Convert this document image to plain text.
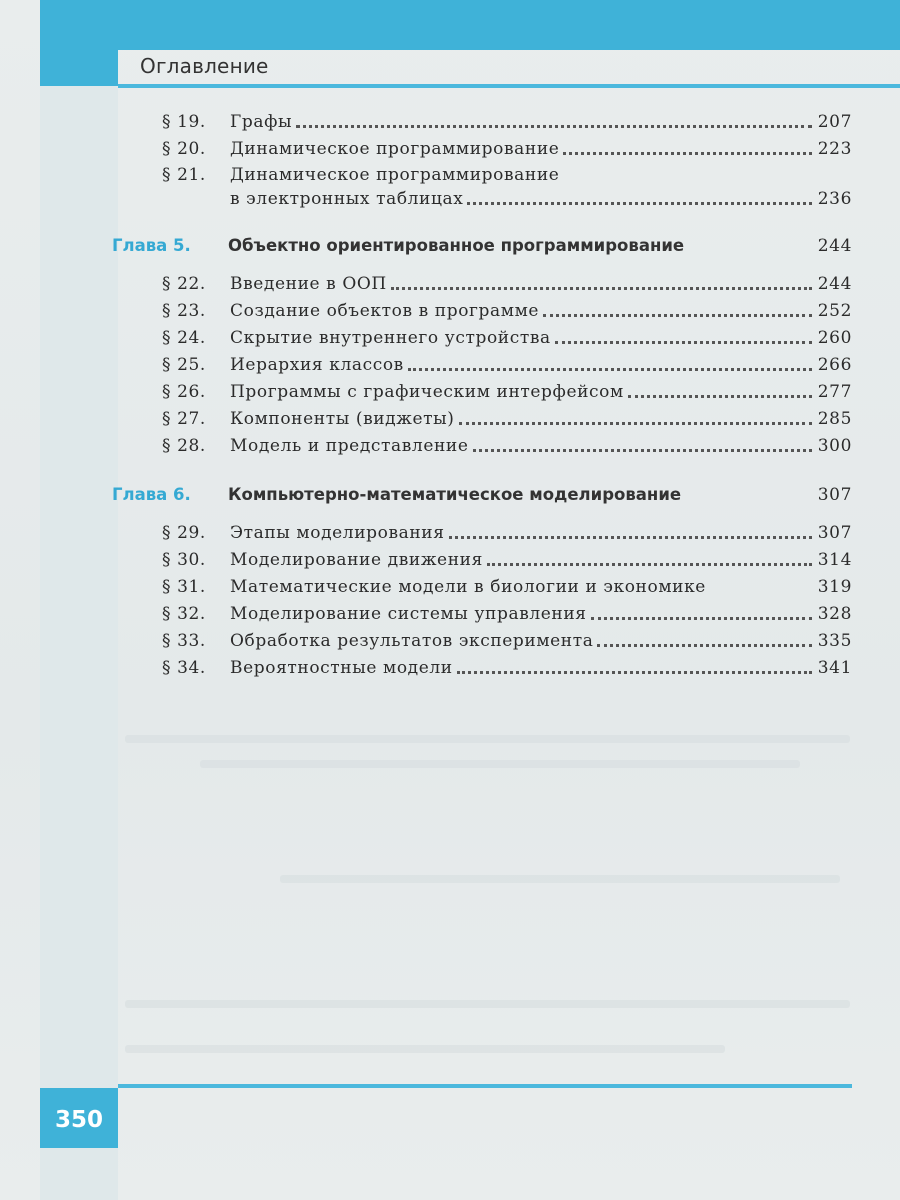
Оглавление
§ 19.	Графы	207
§ 20.	Динамическое программирование	223
§ 21.	Динамическое программирование
в электронных таблицах	236
Глава 5.	Объектно ориентированное программирование	244
§ 22.	Введение в ООП	244
§ 23.	Создание объектов в программе	252
§ 24.	Скрытие внутреннего устройства	260
§ 25.	Иерархия классов	266
§ 26.	Программы с графическим интерфейсом	277
§ 27.	Компоненты (виджеты)	285
§ 28.	Модель и представление	300
Глава 6.	Компьютерно-математическое моделирование	307
§ 29.	Этапы моделирования	307
§ 30.	Моделирование движения	314
§ 31.	Математические модели в биологии и экономике	319
§ 32.	Моделирование системы управления	328
§ 33.	Обработка результатов эксперимента	335
§ 34.	Вероятностные модели	341
350
